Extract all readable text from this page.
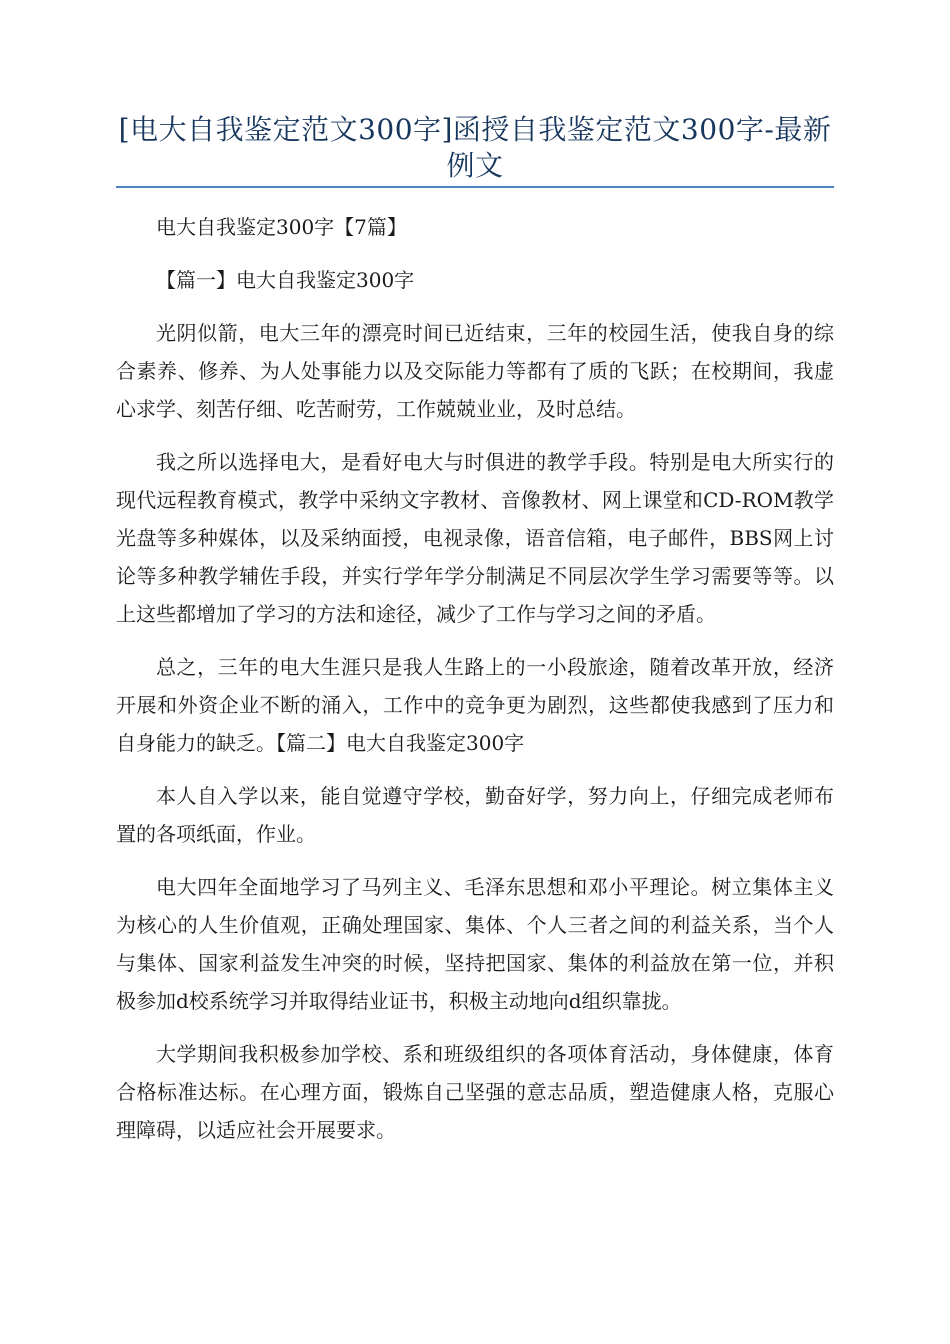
[电大自我鉴定范文300字]函授自我鉴定范文300字-最新例文

电大自我鉴定300字【7篇】

【篇一】电大自我鉴定300字

光阴似箭，电大三年的漂亮时间已近结束，三年的校园生活，使我自身的综合素养、修养、为人处事能力以及交际能力等都有了质的飞跃；在校期间，我虚心求学、刻苦仔细、吃苦耐劳，工作兢兢业业，及时总结。

我之所以选择电大，是看好电大与时俱进的教学手段。特别是电大所实行的现代远程教育模式，教学中采纳文字教材、音像教材、网上课堂和CD-ROM教学光盘等多种媒体，以及采纳面授，电视录像，语音信箱，电子邮件，BBS网上讨论等多种教学辅佐手段，并实行学年学分制满足不同层次学生学习需要等等。以上这些都增加了学习的方法和途径，减少了工作与学习之间的矛盾。

总之，三年的电大生涯只是我人生路上的一小段旅途，随着改革开放，经济开展和外资企业不断的涌入，工作中的竞争更为剧烈，这些都使我感到了压力和自身能力的缺乏。【篇二】电大自我鉴定300字

本人自入学以来，能自觉遵守学校，勤奋好学，努力向上，仔细完成老师布置的各项纸面，作业。

电大四年全面地学习了马列主义、毛泽东思想和邓小平理论。树立集体主义为核心的人生价值观，正确处理国家、集体、个人三者之间的利益关系，当个人与集体、国家利益发生冲突的时候，坚持把国家、集体的利益放在第一位，并积极参加d校系统学习并取得结业证书，积极主动地向d组织靠拢。

大学期间我积极参加学校、系和班级组织的各项体育活动，身体健康，体育合格标准达标。在心理方面，锻炼自己坚强的意志品质，塑造健康人格，克服心理障碍，以适应社会开展要求。
